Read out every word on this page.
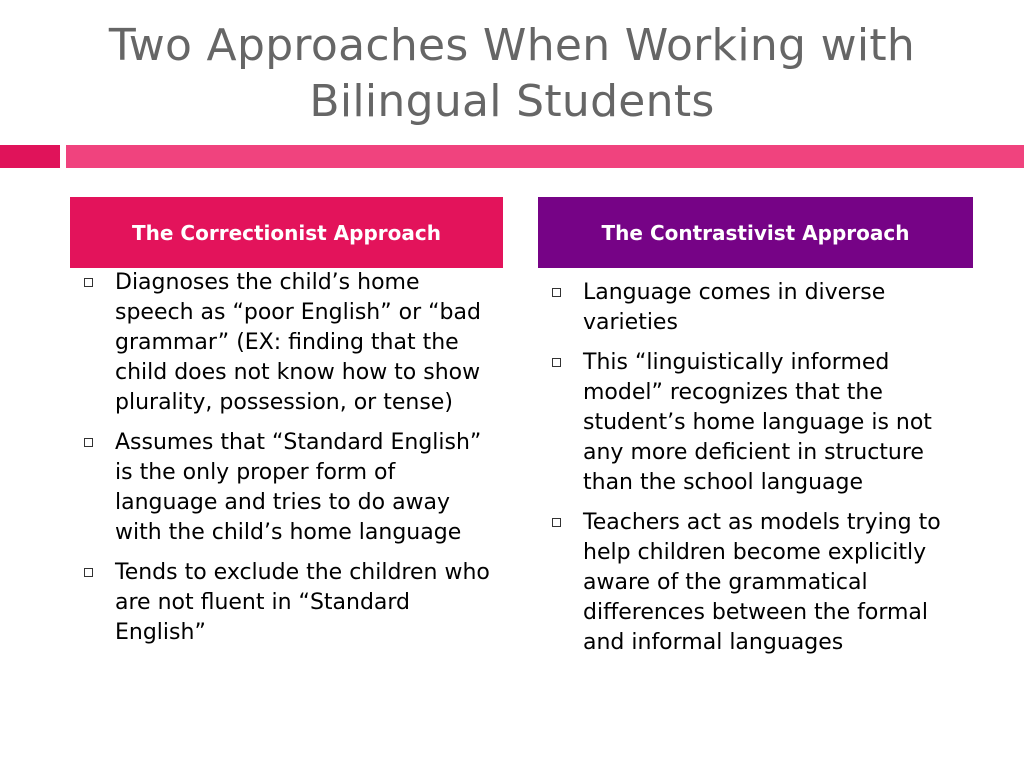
Two Approaches When Working with Bilingual Students
The Correctionist Approach	The Contrastivist Approach
Diagnoses the child’s home speech as “poor English” or “bad grammar” (EX: finding that the child does not know how to show plurality, possession, or tense)
Assumes that “Standard English” is the only proper form of language and tries to do away with the child’s home language
Tends to exclude the children who are not fluent in “Standard English”
Language comes in diverse varieties
This “linguistically informed model” recognizes that the student’s home language is not any more deficient in structure than the school language
Teachers act as models trying to help children become explicitly aware of the grammatical differences between the formal and informal languages
